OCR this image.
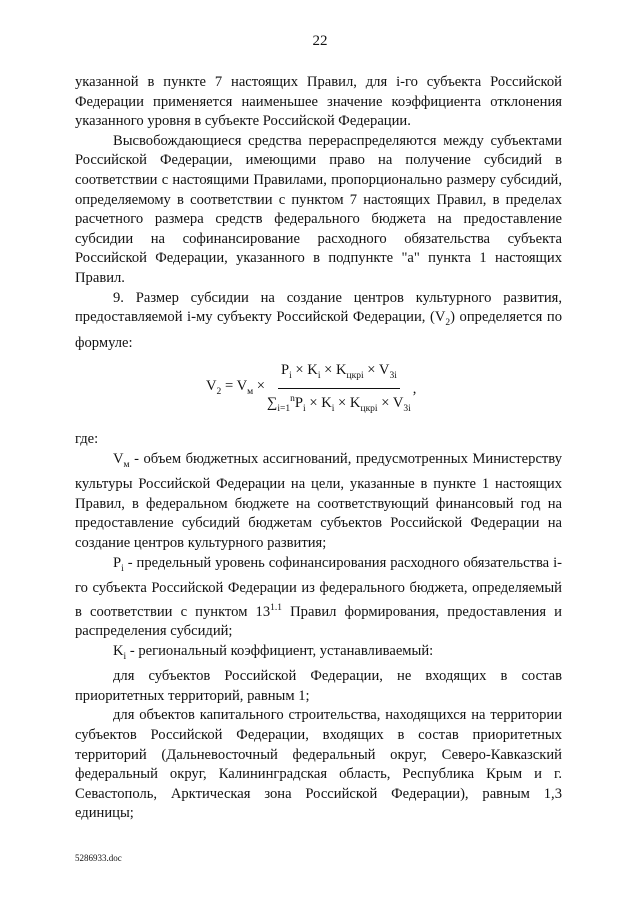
22

указанной в пункте 7 настоящих Правил, для i-го субъекта Российской Федерации применяется наименьшее значение коэффициента отклонения указанного уровня в субъекте Российской Федерации.

Высвобождающиеся средства перераспределяются между субъектами Российской Федерации, имеющими право на получение субсидий в соответствии с настоящими Правилами, пропорционально размеру субсидий, определяемому в соответствии с пунктом 7 настоящих Правил, в пределах расчетного размера средств федерального бюджета на предоставление субсидии на софинансирование расходного обязательства субъекта Российской Федерации, указанного в подпункте "а" пункта 1 настоящих Правил.

9. Размер субсидии на создание центров культурного развития, предоставляемой i-му субъекту Российской Федерации, $(V_2)$ определяется по формуле:

$V_2 = V_м \times \frac{P_i \times K_i \times K_{цкрi} \times V_{3i}}{\sum_{i=1}^nP_i \times K_i \times K_{цкрi} \times V_{3i}}$ ,

где:

$V_м$ - объем бюджетных ассигнований, предусмотренных Министерству культуры Российской Федерации на цели, указанные в пункте 1 настоящих Правил, в федеральном бюджете на соответствующий финансовый год на предоставление субсидий бюджетам субъектов Российской Федерации на создание центров культурного развития;

$P_i$ - предельный уровень софинансирования расходного обязательства i-го субъекта Российской Федерации из федерального бюджета, определяемый в соответствии с пунктом $13^{1.1}$ Правил формирования, предоставления и распределения субсидий;

$K_i$ - региональный коэффициент, устанавливаемый:

для субъектов Российской Федерации, не входящих в состав приоритетных территорий, равным 1;

для объектов капитального строительства, находящихся на территории субъектов Российской Федерации, входящих в состав приоритетных территорий (Дальневосточный федеральный округ, Северо-Кавказский федеральный округ, Калининградская область, Республика Крым и г. Севастополь, Арктическая зона Российской Федерации), равным 1,3 единицы;

5286933.doc
